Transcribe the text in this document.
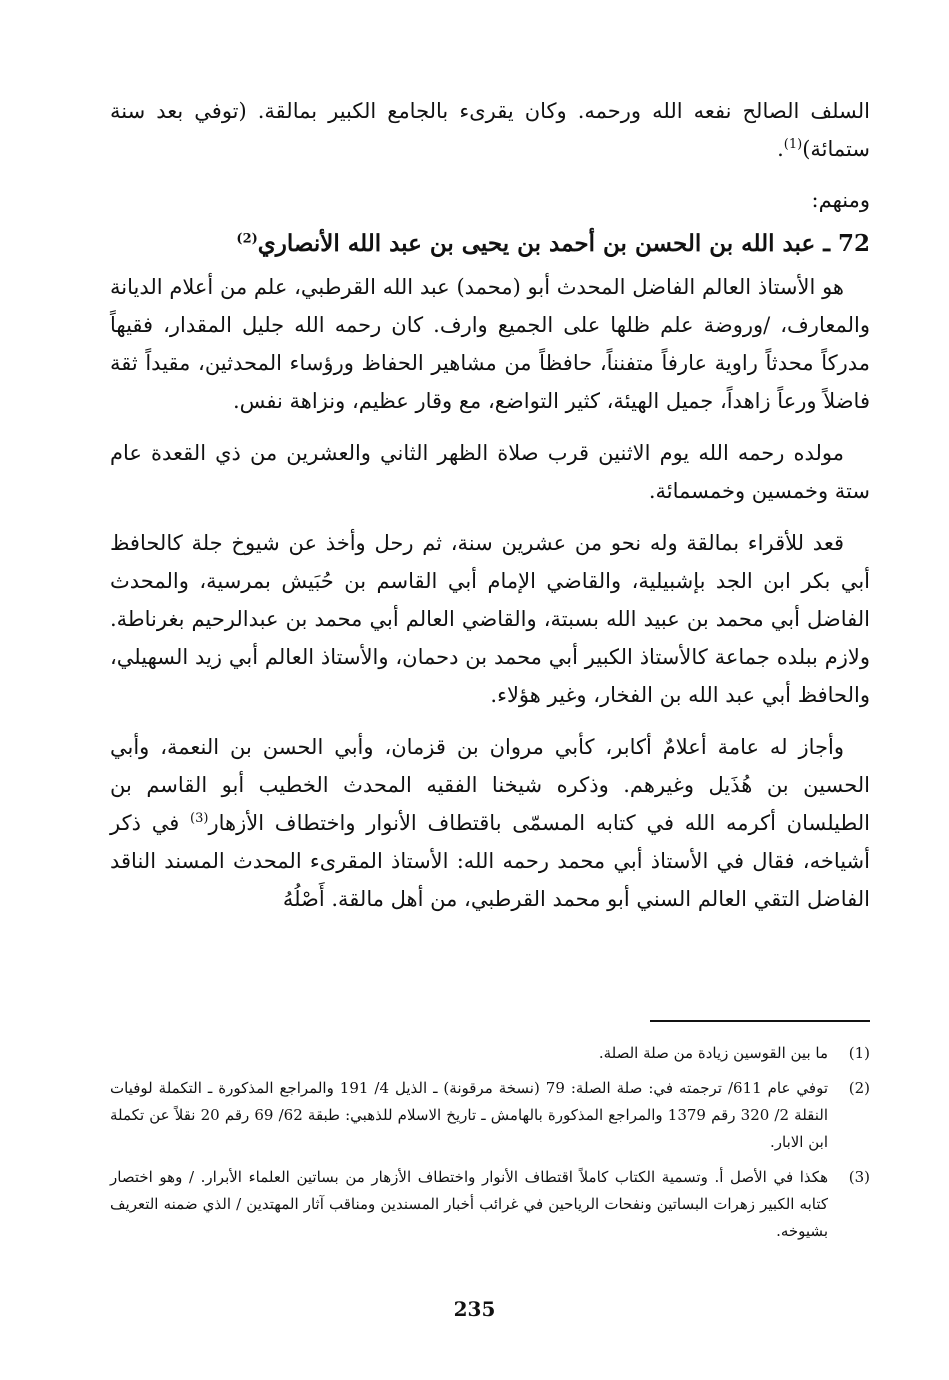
السلف الصالح نفعه الله ورحمه. وكان يقرىء بالجامع الكبير بمالقة. (توفي بعد سنة ستمائة)$^{(1)}$.

ومنهم:

72 ـ عبد الله بن الحسن بن أحمد بن يحيى بن عبد الله الأنصاري$^{(2)}$

هو الأستاذ العالم الفاضل المحدث أبو (محمد) عبد الله القرطبي، علم من أعلام الديانة والمعارف، /وروضة علم ظلها على الجميع وارف. كان رحمه الله جليل المقدار، فقيهاً مدركاً محدثاً راوية عارفاً متفنناً، حافظاً من مشاهير الحفاظ ورؤساء المحدثين، مقيداً ثقة فاضلاً ورعاً زاهداً، جميل الهيئة، كثير التواضع، مع وقار عظيم، ونزاهة نفس.

مولده رحمه الله يوم الاثنين قرب صلاة الظهر الثاني والعشرين من ذي القعدة عام ستة وخمسين وخمسمائة.

قعد للأقراء بمالقة وله نحو من عشرين سنة، ثم رحل وأخذ عن شيوخ جلة كالحافظ أبي بكر ابن الجد بإشبيلية، والقاضي الإمام أبي القاسم بن حُبَيش بمرسية، والمحدث الفاضل أبي محمد بن عبيد الله بسبتة، والقاضي العالم أبي محمد بن عبدالرحيم بغرناطة. ولازم ببلده جماعة كالأستاذ الكبير أبي محمد بن دحمان، والأستاذ العالم أبي زيد السهيلي، والحافظ أبي عبد الله بن الفخار، وغير هؤلاء.

وأجاز له عامة أعلامٌ أكابر، كأبي مروان بن قزمان، وأبي الحسن بن النعمة، وأبي الحسين بن هُذَيل وغيرهم. وذكره شيخنا الفقيه المحدث الخطيب أبو القاسم بن الطيلسان أكرمه الله في كتابه المسمّى باقتطاف الأنوار واختطاف الأزهار$^{(3)}$ في ذكر أشياخه، فقال في الأستاذ أبي محمد رحمه الله: الأستاذ المقرىء المحدث المسند الناقد الفاضل التقي العالم السني أبو محمد القرطبي، من أهل مالقة. أَصْلُهُ

(1)
ما بين القوسين زيادة من صلة الصلة.
(2)
توفي عام 611/ ترجمته في: صلة الصلة: 79 (نسخة مرقونة) ـ الذيل 4/ 191 والمراجع المذكورة ـ التكملة لوفيات النقلة 2/ 320 رقم 1379 والمراجع المذكورة بالهامش ـ تاريخ الاسلام للذهبي: طبقة 62/ 69 رقم 20 نقلاً عن تكملة ابن الابار.
(3)
هكذا في الأصل أ. وتسمية الكتاب كاملاً اقتطاف الأنوار واختطاف الأزهار من بساتين العلماء الأبرار. / وهو اختصار كتابه الكبير زهرات البساتين ونفحات الرياحين في غرائب أخبار المسندين ومناقب آثار المهتدين / الذي ضمنه التعريف بشيوخه.
235
